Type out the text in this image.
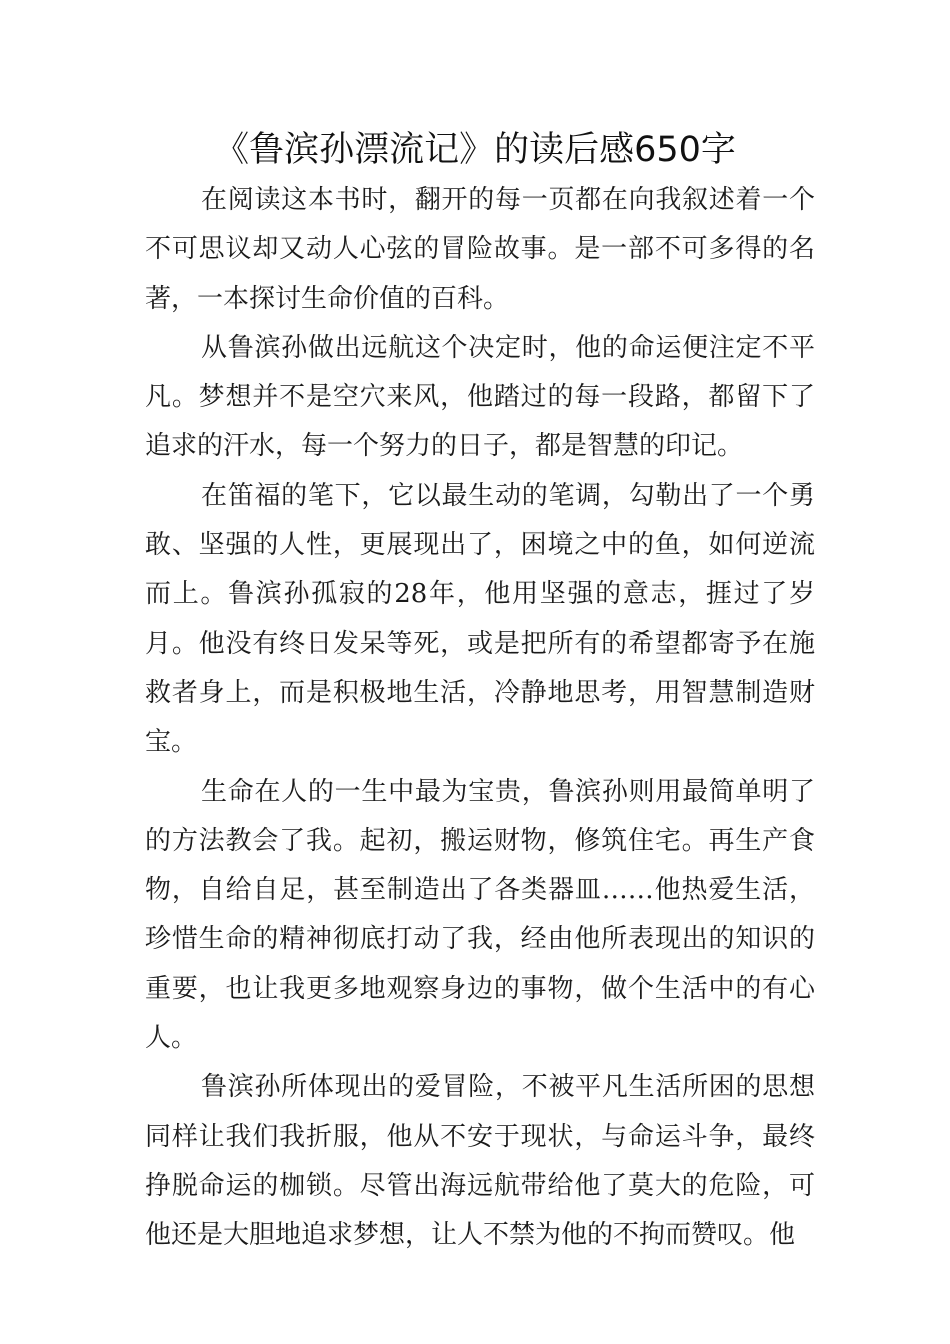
《鲁滨孙漂流记》的读后感650字

在阅读这本书时，翻开的每一页都在向我叙述着一个不可思议却又动人心弦的冒险故事。是一部不可多得的名著，一本探讨生命价值的百科。

从鲁滨孙做出远航这个决定时，他的命运便注定不平凡。梦想并不是空穴来风，他踏过的每一段路，都留下了追求的汗水，每一个努力的日子，都是智慧的印记。

在笛福的笔下，它以最生动的笔调，勾勒出了一个勇敢、坚强的人性，更展现出了，困境之中的鱼，如何逆流而上。鲁滨孙孤寂的28年，他用坚强的意志，捱过了岁月。他没有终日发呆等死，或是把所有的希望都寄予在施救者身上，而是积极地生活，冷静地思考，用智慧制造财宝。

生命在人的一生中最为宝贵，鲁滨孙则用最简单明了的方法教会了我。起初，搬运财物，修筑住宅。再生产食物，自给自足，甚至制造出了各类器皿……他热爱生活，珍惜生命的精神彻底打动了我，经由他所表现出的知识的重要，也让我更多地观察身边的事物，做个生活中的有心人。

鲁滨孙所体现出的爱冒险，不被平凡生活所困的思想同样让我们我折服，他从不安于现状，与命运斗争，最终挣脱命运的枷锁。尽管出海远航带给他了莫大的危险，可他还是大胆地追求梦想，让人不禁为他的不拘而赞叹。他
